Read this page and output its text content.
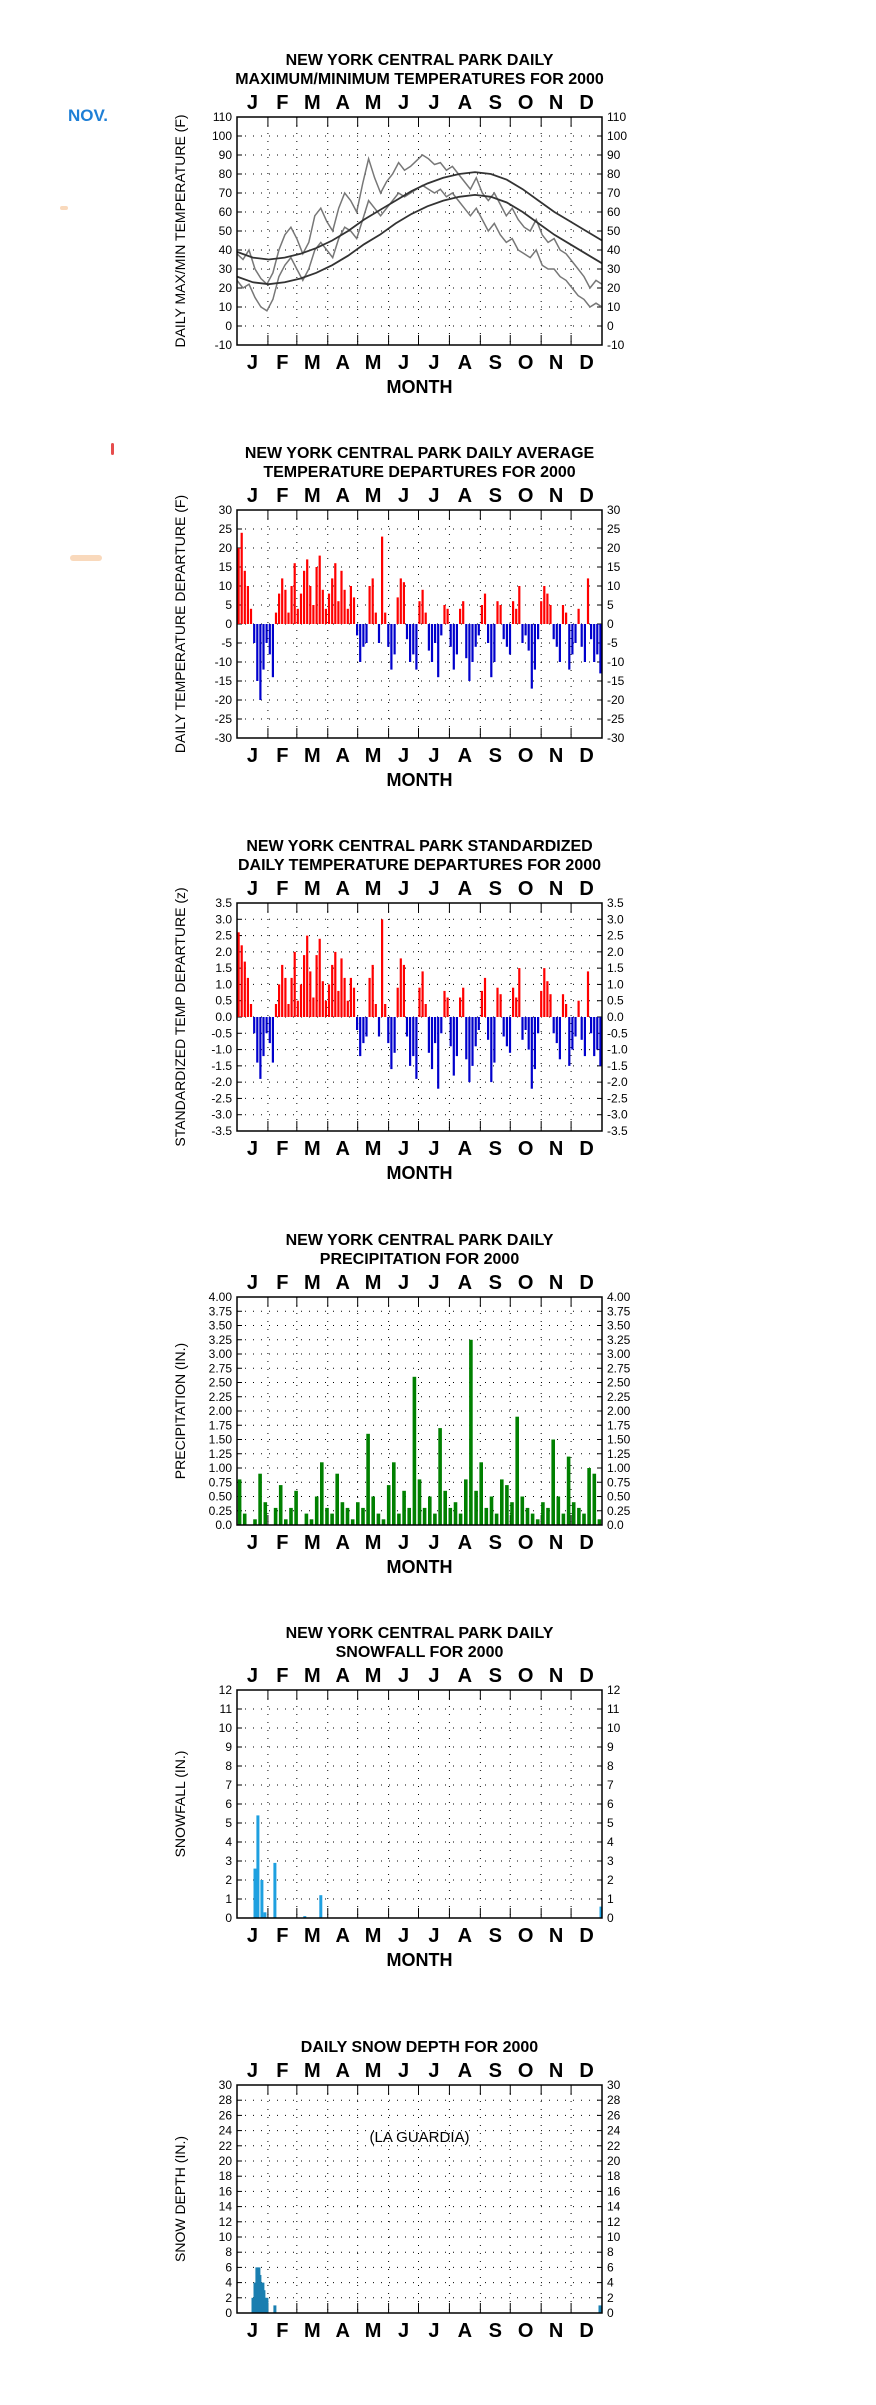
NOV.
NEW YORK CENTRAL PARK DAILY
MAXIMUM/MINIMUM TEMPERATURES FOR 2000
J
J
F
F
M
M
A
A
M
M
J
J
J
J
A
A
S
S
O
O
N
N
D
D
110	110
100	100
90	90
80	80
70	70
60	60
50	50
40	40
30	30
20	20
10	10
0	0
-10	-10
MONTH
DAILY MAX/MIN TEMPERATURE (F)
NEW YORK CENTRAL PARK DAILY AVERAGE
TEMPERATURE DEPARTURES FOR 2000
J
J
F
F
M
M
A
A
M
M
J
J
J
J
A
A
S
S
O
O
N
N
D
D
30	30
25	25
20	20
15	15
10	10
5	5
0	0
-5	-5
-10	-10
-15	-15
-20	-20
-25	-25
-30	-30
MONTH
DAILY TEMPERATURE DEPARTURE (F)
NEW YORK CENTRAL PARK STANDARDIZED
DAILY TEMPERATURE DEPARTURES FOR 2000
J
J
F
F
M
M
A
A
M
M
J
J
J
J
A
A
S
S
O
O
N
N
D
D
3.5	3.5
3.0	3.0
2.5	2.5
2.0	2.0
1.5	1.5
1.0	1.0
0.5	0.5
0.0	0.0
-0.5	-0.5
-1.0	-1.0
-1.5	-1.5
-2.0	-2.0
-2.5	-2.5
-3.0	-3.0
-3.5	-3.5
MONTH
STANDARDIZED TEMP DEPARTURE (z)
NEW YORK CENTRAL PARK DAILY
PRECIPITATION FOR 2000
J
J
F
F
M
M
A
A
M
M
J
J
J
J
A
A
S
S
O
O
N
N
D
D
4.00	4.00
3.75	3.75
3.50	3.50
3.25	3.25
3.00	3.00
2.75	2.75
2.50	2.50
2.25	2.25
2.00	2.00
1.75	1.75
1.50	1.50
1.25	1.25
1.00	1.00
0.75	0.75
0.50	0.50
0.25	0.25
0.0	0.0
MONTH
PRECIPITATION (IN.)
NEW YORK CENTRAL PARK DAILY
SNOWFALL FOR 2000
J
J
F
F
M
M
A
A
M
M
J
J
J
J
A
A
S
S
O
O
N
N
D
D
12	12
11	11
10	10
9	9
8	8
7	7
6	6
5	5
4	4
3	3
2	2
1	1
0	0
MONTH
SNOWFALL (IN.)
DAILY SNOW DEPTH FOR 2000
J
J
F
F
M
M
A
A
M
M
J
J
J
J
A
A
S
S
O
O
N
N
D
D
30	30
28	28
26	26
24	24
22	22
20	20
18	18
16	16
14	14
12	12
10	10
8	8
6	6
4	4
2	2
0	0
SNOW DEPTH (IN.)	(LA GUARDIA)
